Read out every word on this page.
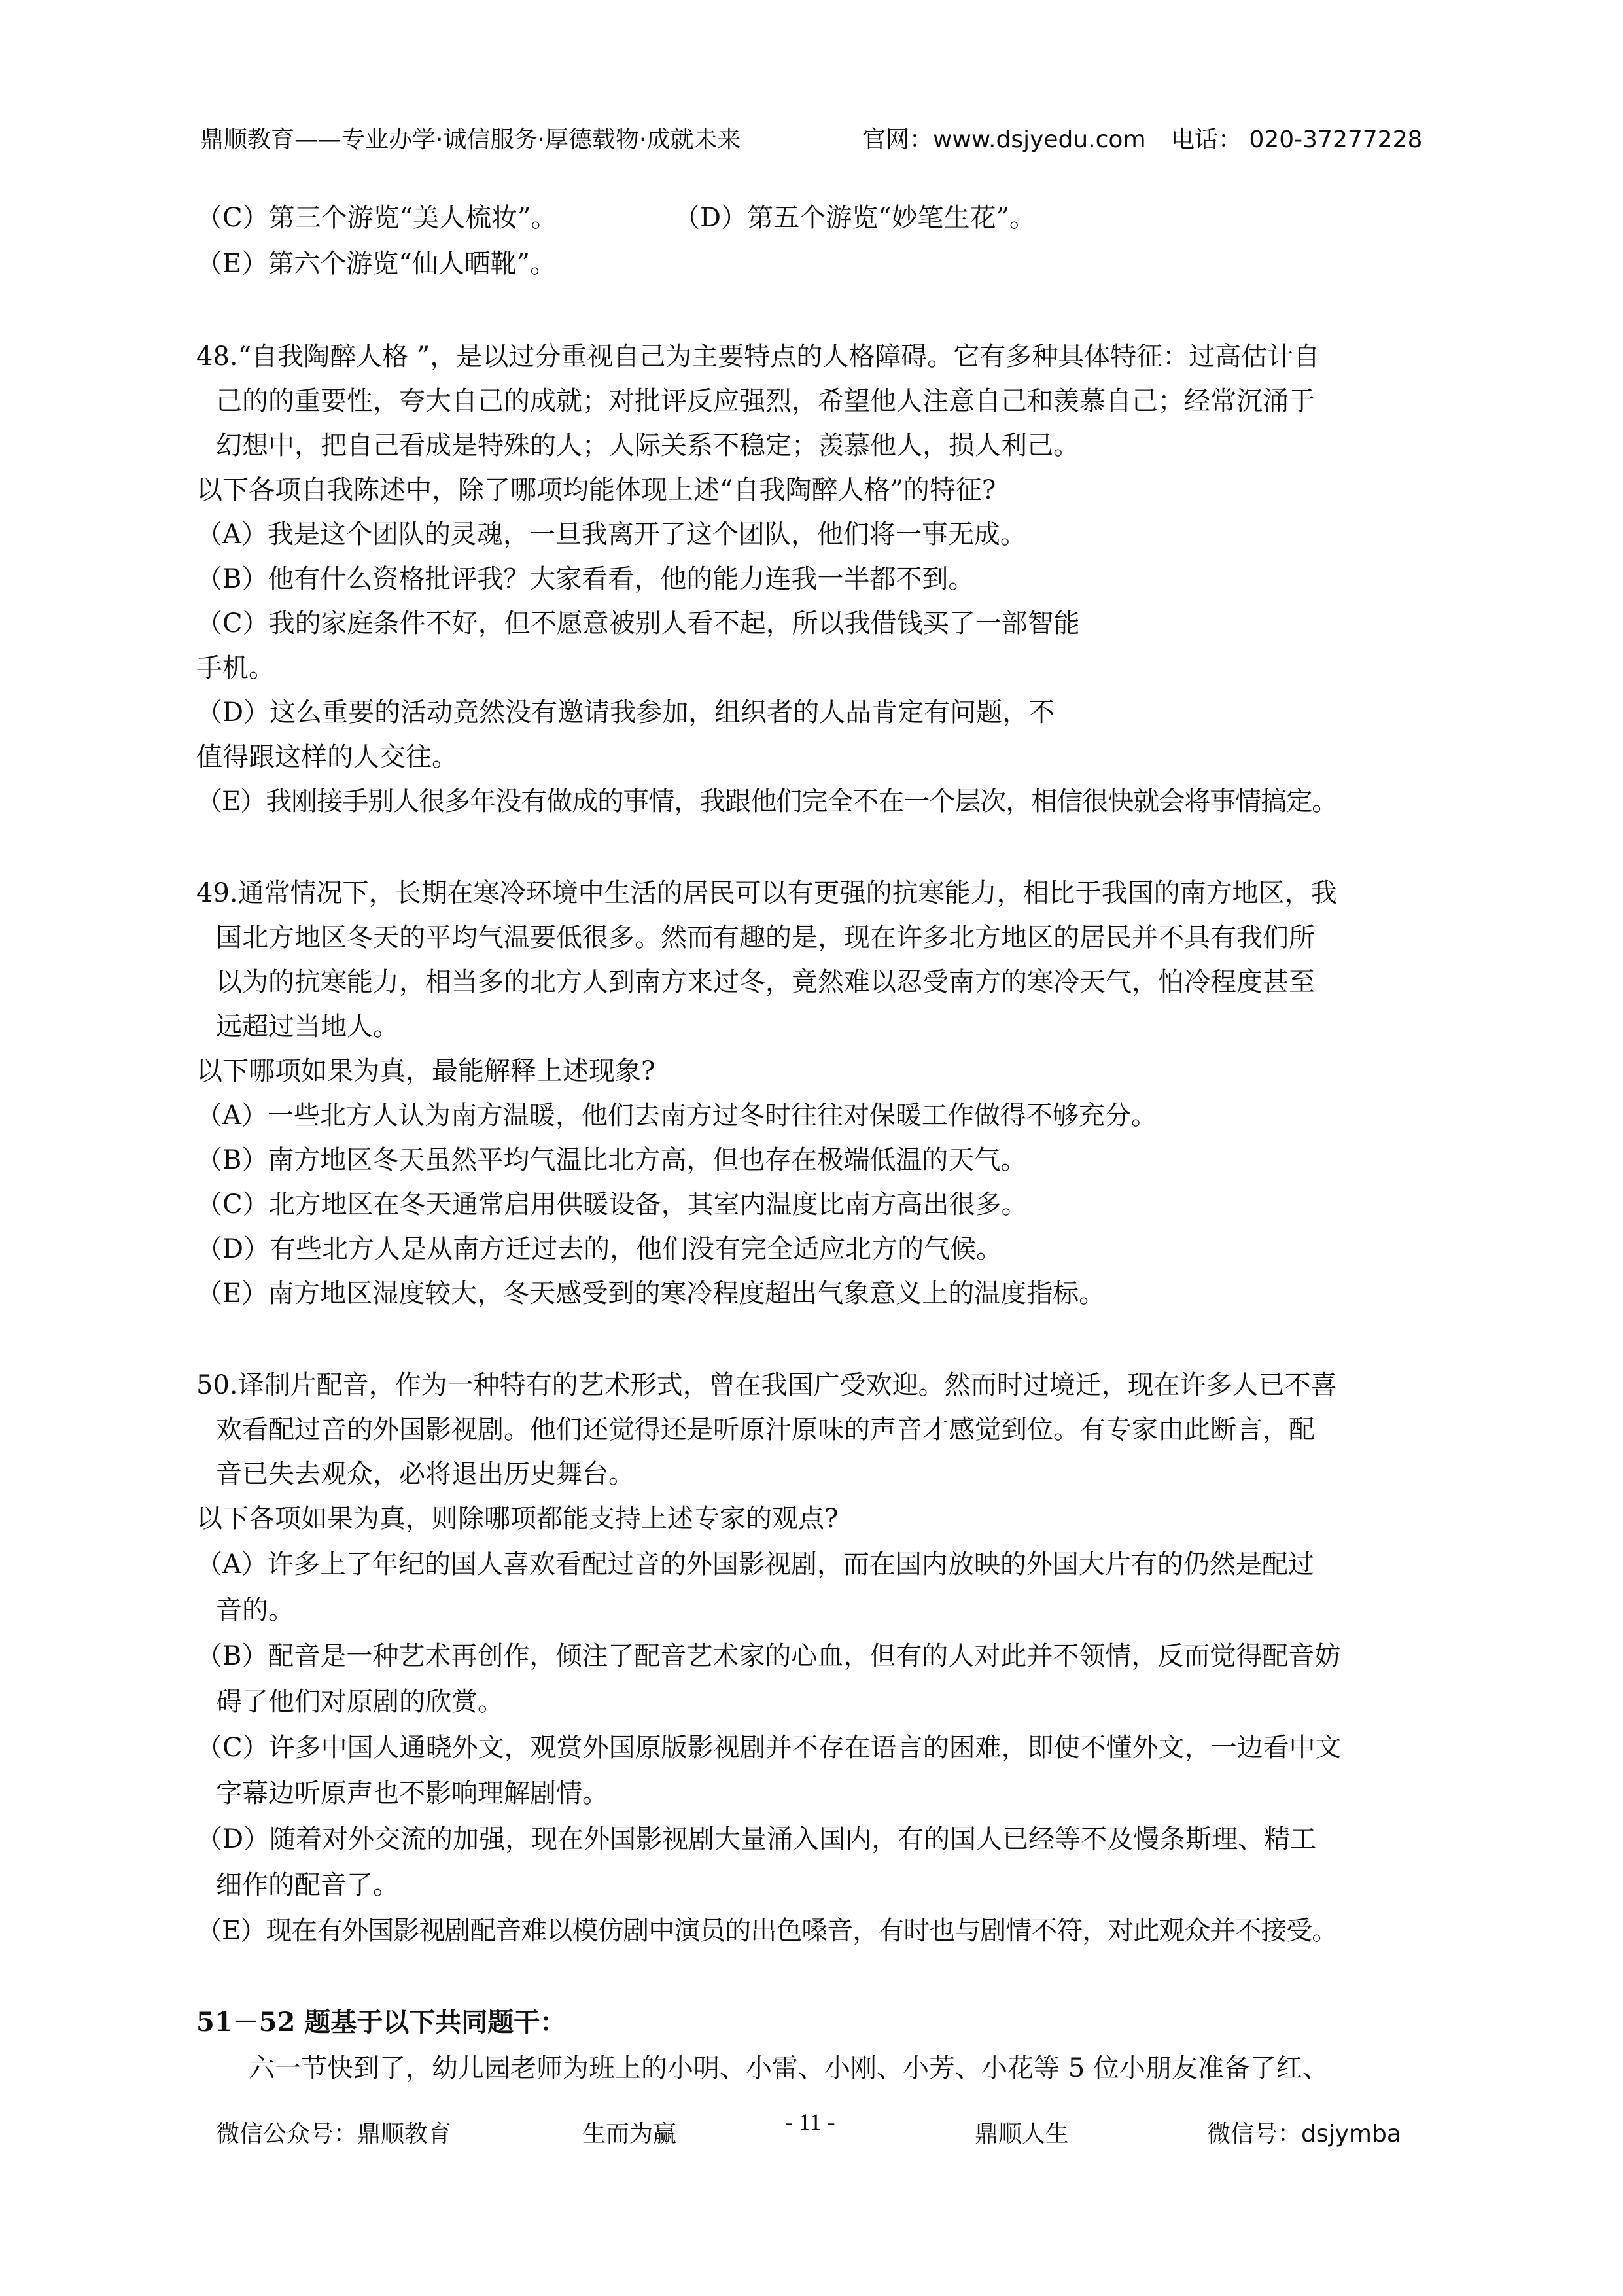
鼎顺教育——专业办学·诚信服务·厚德载物·成就未来	官网：www.dsjyedu.com 电话： 020-37277228
（C）第三个游览“美人梳妆”。	（D）第五个游览“妙笔生花”。
（E）第六个游览“仙人晒靴”。
48.“自我陶醉人格 ”，是以过分重视自己为主要特点的人格障碍。它有多种具体特征：过高估计自
己的的重要性，夸大自己的成就；对批评反应强烈，希望他人注意自己和羡慕自己；经常沉涌于
幻想中，把自己看成是特殊的人；人际关系不稳定；羡慕他人，损人利己。
以下各项自我陈述中，除了哪项均能体现上述“自我陶醉人格”的特征?
（A）我是这个团队的灵魂，一旦我离开了这个团队，他们将一事无成。
（B）他有什么资格批评我？大家看看，他的能力连我一半都不到。
（C）我的家庭条件不好，但不愿意被别人看不起，所以我借钱买了一部智能
手机。
（D）这么重要的活动竟然没有邀请我参加，组织者的人品肯定有问题，不
值得跟这样的人交往。
（E）我刚接手别人很多年没有做成的事情，我跟他们完全不在一个层次，相信很快就会将事情搞定。
49.通常情况下，长期在寒冷环境中生活的居民可以有更强的抗寒能力，相比于我国的南方地区，我
国北方地区冬天的平均气温要低很多。然而有趣的是，现在许多北方地区的居民并不具有我们所
以为的抗寒能力，相当多的北方人到南方来过冬，竟然难以忍受南方的寒冷天气，怕冷程度甚至
远超过当地人。
以下哪项如果为真，最能解释上述现象?
（A）一些北方人认为南方温暖，他们去南方过冬时往往对保暖工作做得不够充分。
（B）南方地区冬天虽然平均气温比北方高，但也存在极端低温的天气。
（C）北方地区在冬天通常启用供暖设备，其室内温度比南方高出很多。
（D）有些北方人是从南方迁过去的，他们没有完全适应北方的气候。
（E）南方地区湿度较大，冬天感受到的寒冷程度超出气象意义上的温度指标。
50.译制片配音，作为一种特有的艺术形式，曾在我国广受欢迎。然而时过境迁，现在许多人已不喜
欢看配过音的外国影视剧。他们还觉得还是听原汁原味的声音才感觉到位。有专家由此断言，配
音已失去观众，必将退出历史舞台。
以下各项如果为真，则除哪项都能支持上述专家的观点?
（A）许多上了年纪的国人喜欢看配过音的外国影视剧，而在国内放映的外国大片有的仍然是配过
音的。
（B）配音是一种艺术再创作，倾注了配音艺术家的心血，但有的人对此并不领情，反而觉得配音妨
碍了他们对原剧的欣赏。
（C）许多中国人通晓外文，观赏外国原版影视剧并不存在语言的困难，即使不懂外文，一边看中文
字幕边听原声也不影响理解剧情。
（D）随着对外交流的加强，现在外国影视剧大量涌入国内，有的国人已经等不及慢条斯理、精工
细作的配音了。
（E）现在有外国影视剧配音难以模仿剧中演员的出色嗓音，有时也与剧情不符，对此观众并不接受。
51－52 题基于以下共同题干：
六一节快到了，幼儿园老师为班上的小明、小雷、小刚、小芳、小花等 5 位小朋友准备了红、
微信公众号：鼎顺教育	生而为赢	- 11 -	鼎顺人生	微信号：dsjymba
